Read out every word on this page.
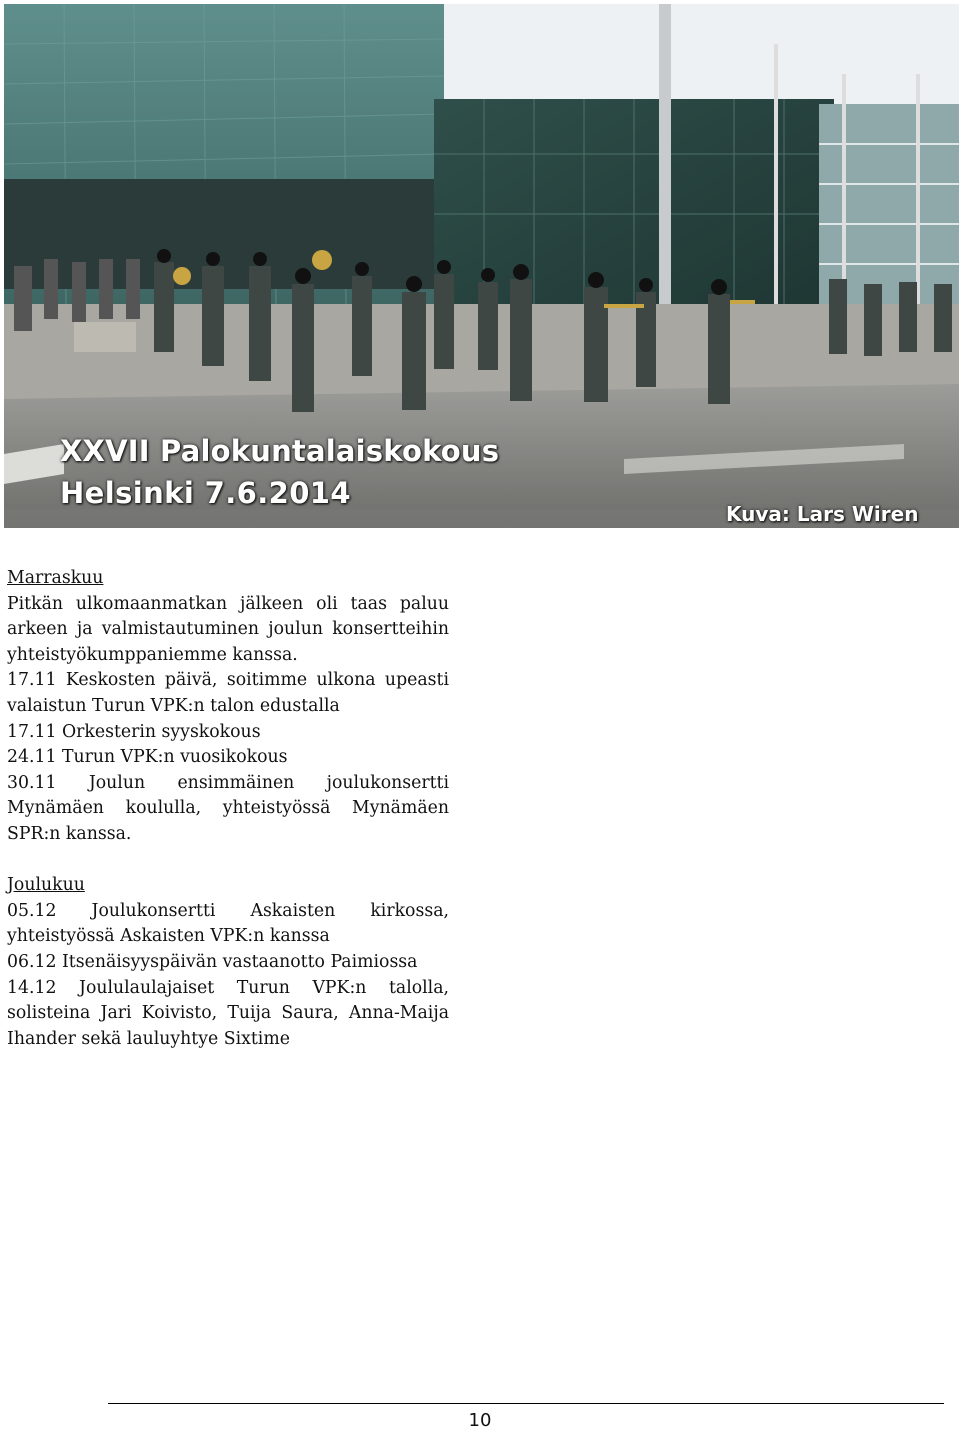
XXVII Palokuntalaiskokous
Helsinki 7.6.2014
Kuva: Lars Wiren

Marraskuu

Pitkän ulkomaanmatkan jälkeen oli taas paluu arkeen ja valmistautuminen joulun konsertteihin yhteistyökumppaniemme kanssa.

17.11 Keskosten päivä, soitimme ulkona upeasti valaistun Turun VPK:n talon edustalla

17.11 Orkesterin syyskokous

24.11 Turun VPK:n vuosikokous

30.11 Joulun ensimmäinen joulukonsertti Mynämäen koululla, yhteistyössä Mynämäen SPR:n kanssa.

Joulukuu

05.12 Joulukonsertti Askaisten kirkossa, yhteistyössä Askaisten VPK:n kanssa

06.12 Itsenäisyyspäivän vastaanotto Paimiossa

14.12 Joululaulajaiset Turun VPK:n talolla, solisteina Jari Koivisto, Tuija Saura, Anna-Maija Ihander sekä lauluyhtye Sixtime

10
